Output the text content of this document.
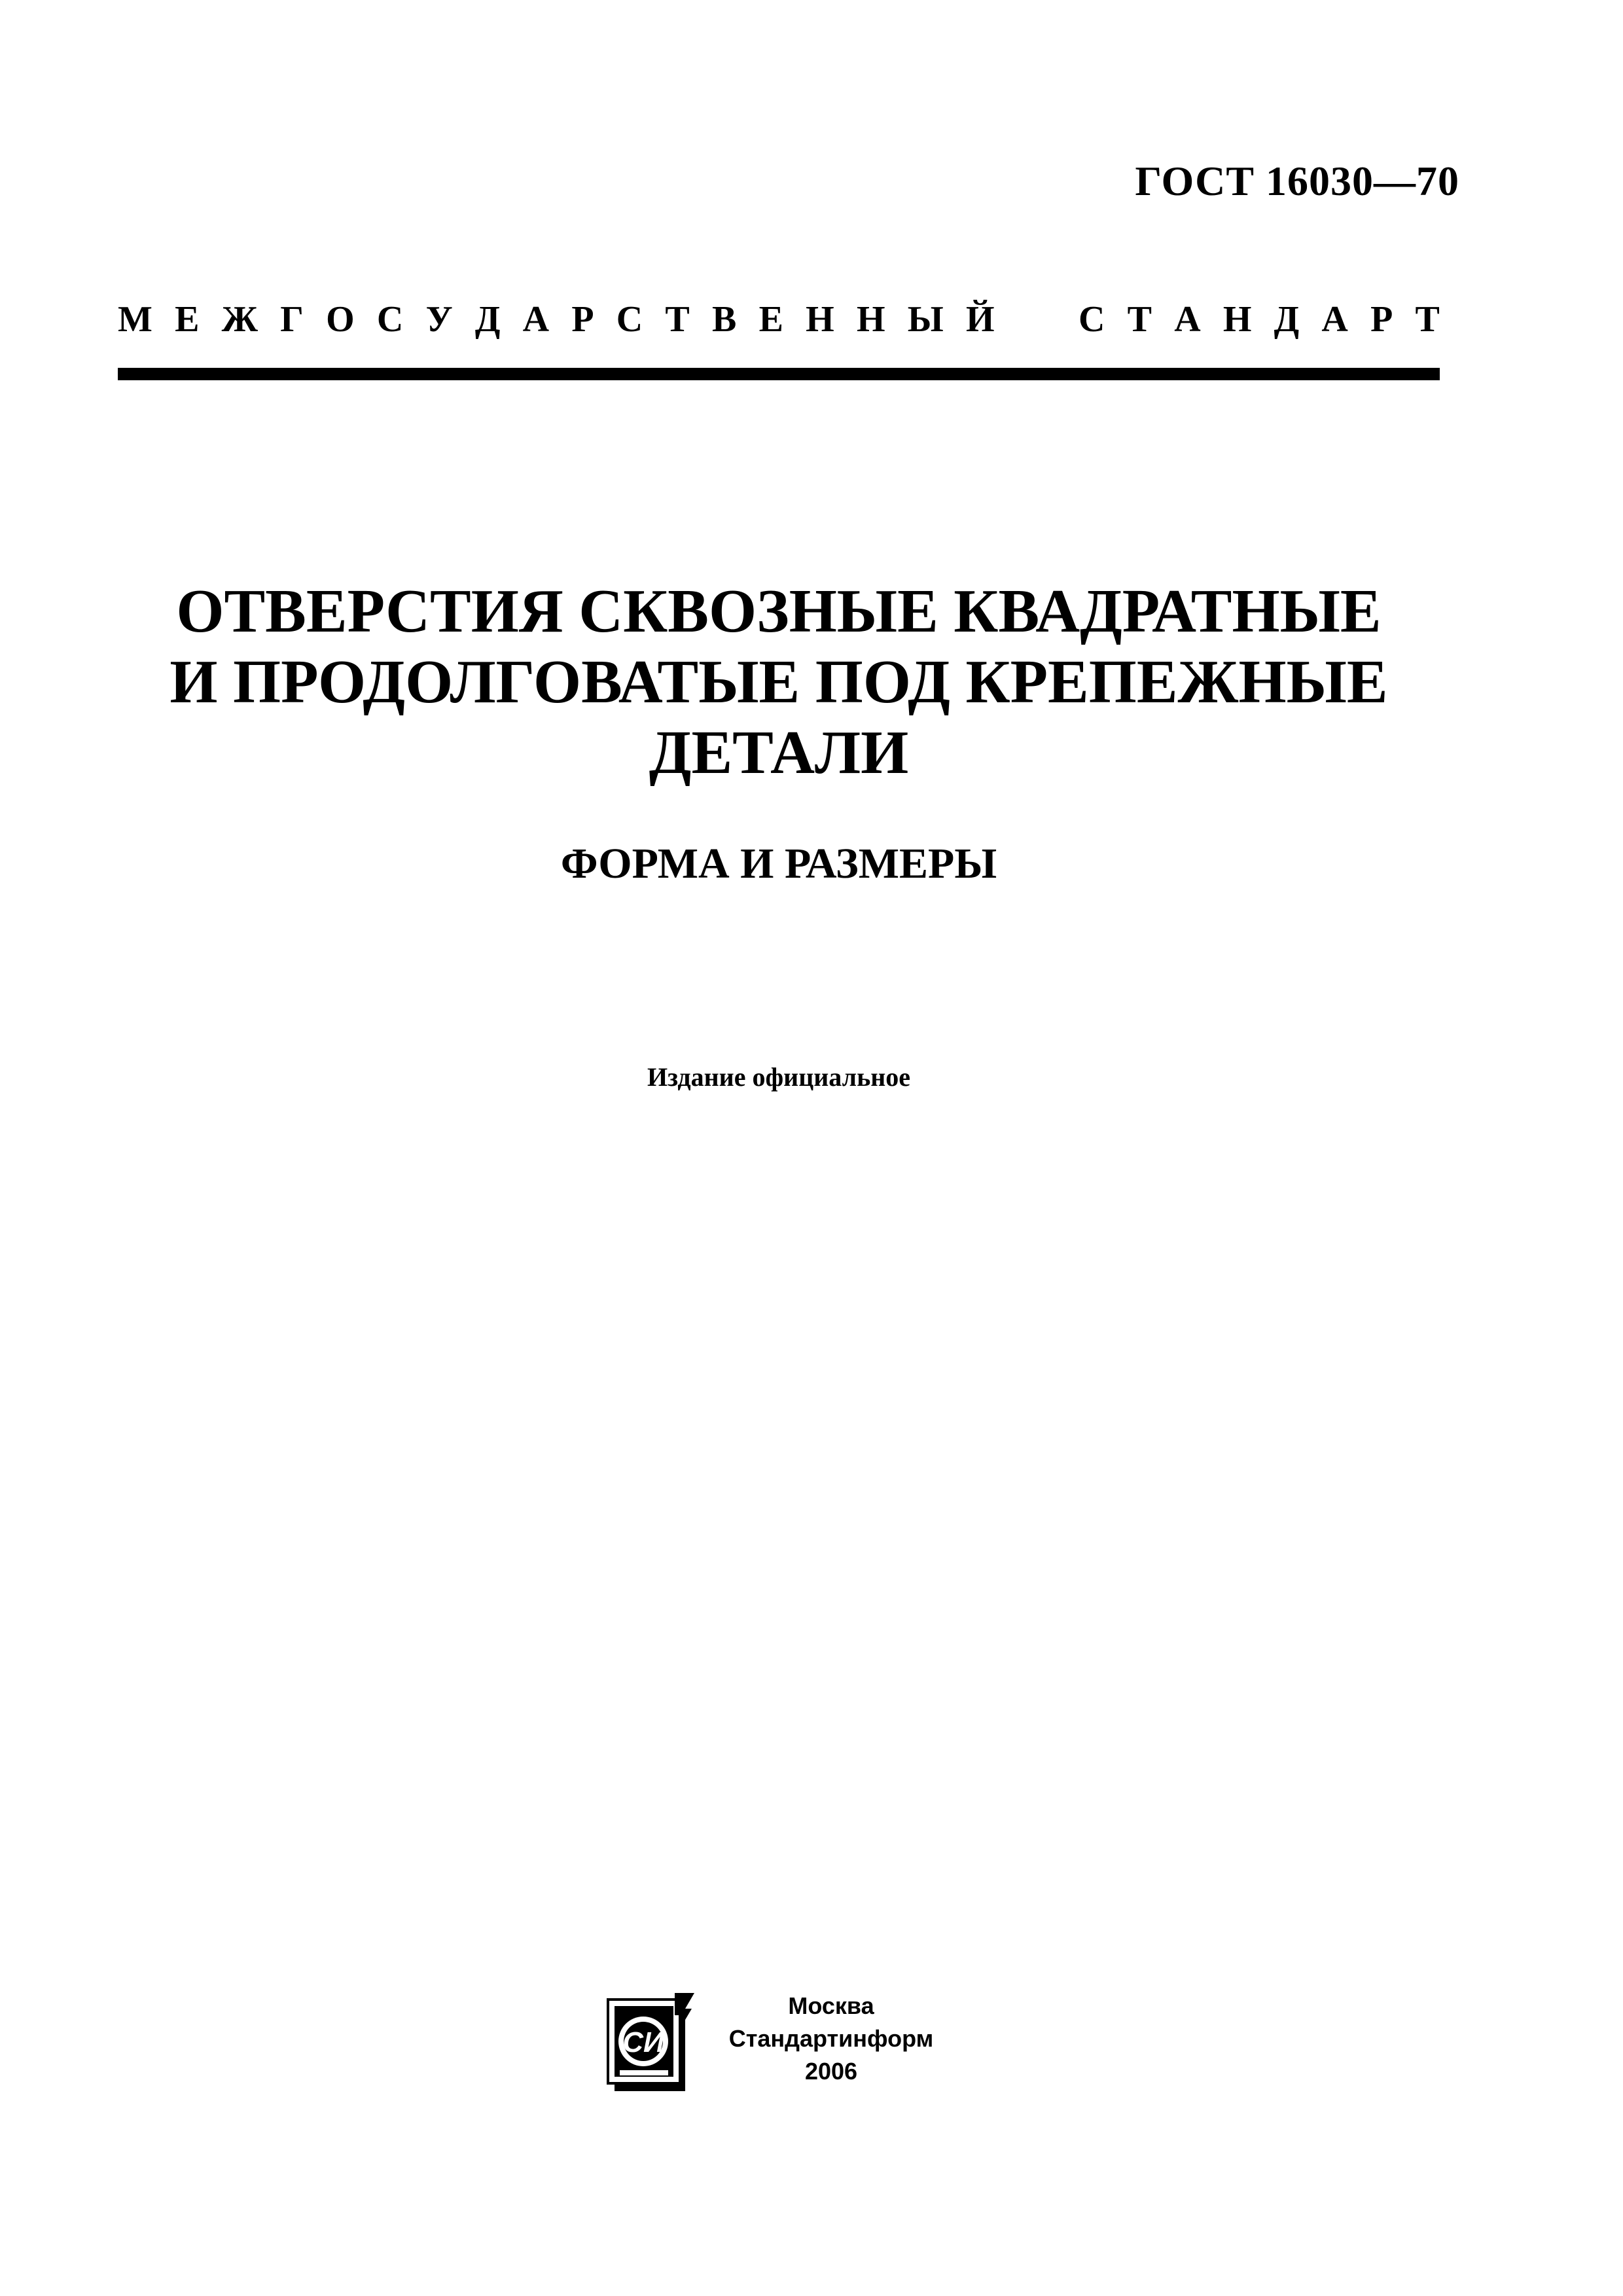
ГОСТ 16030—70
М Е Ж Г О С У Д А Р С Т В Е Н Н Ы Й С Т А Н Д А Р Т
ОТВЕРСТИЯ СКВОЗНЫЕ КВАДРАТНЫЕ
И ПРОДОЛГОВАТЫЕ ПОД КРЕПЕЖНЫЕ
ДЕТАЛИ
ФОРМА И РАЗМЕРЫ
Издание официальное
СИ
Москва
Стандартинформ
2006
